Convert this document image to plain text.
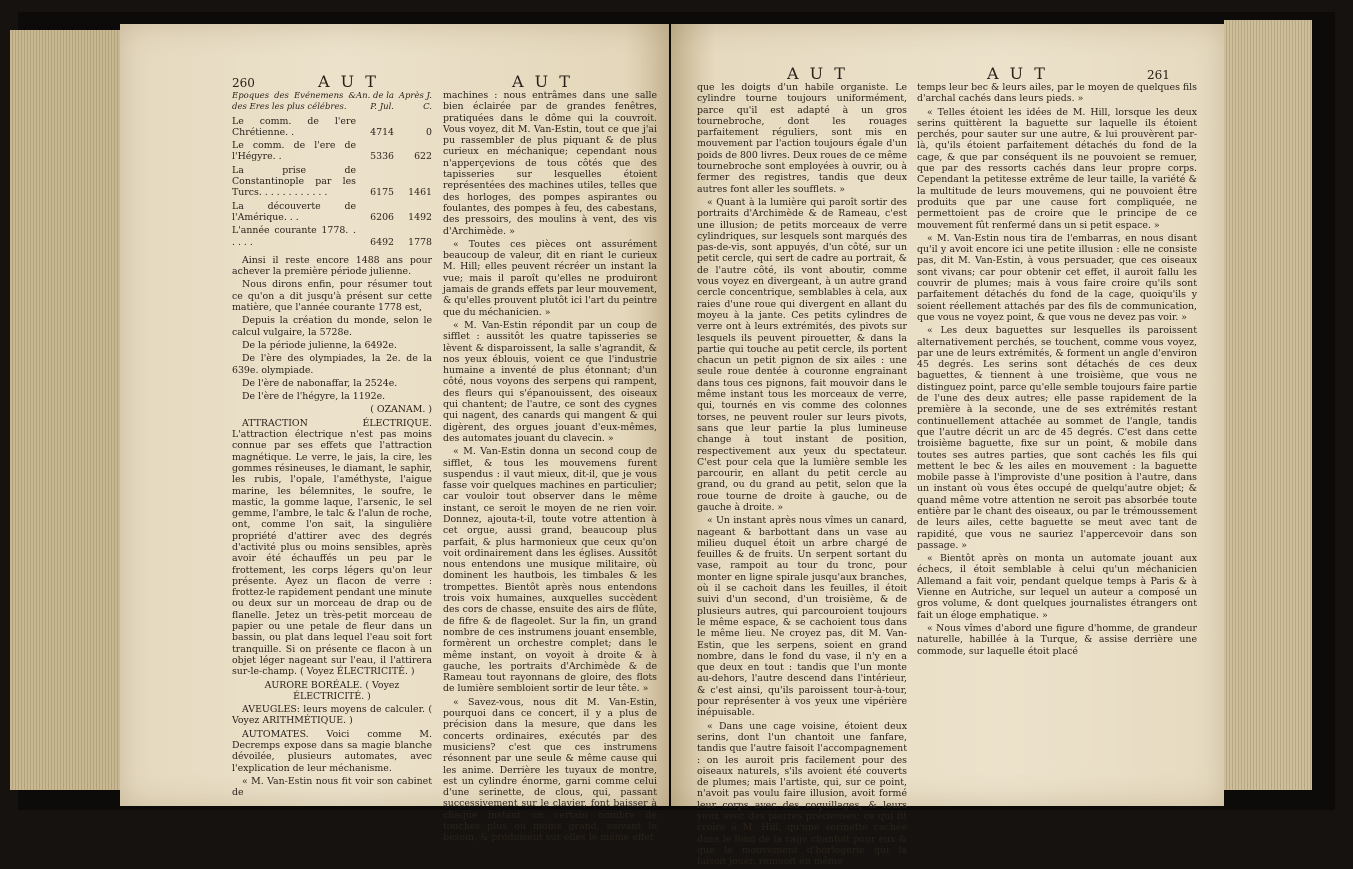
260	A U T	A U T
Epoques des Evénemens & des Eres les plus célébres.	An. de la P. Jul.	Après J. C.
Le comm. de l'ere Chrétienne. .	4714	0
Le comm. de l'ere de l'Hégyre. .	5336	622
La prise de Constantinople par les Turcs. . . . . . . . . . . .	6175	1461
La découverte de l'Amérique. . .	6206	1492
L'année courante 1778. . . . . .	6492	1778

Ainsi il reste encore 1488 ans pour achever la première période julienne.

Nous dirons enfin, pour résumer tout ce qu'on a dit jusqu'à présent sur cette matière, que l'année courante 1778 est,

Depuis la création du monde, selon le calcul vulgaire, la 5728e.

De la période julienne, la 6492e.

De l'ère des olympiades, la 2e. de la 639e. olympiade.

De l'ère de nabonaffar, la 2524e.

De l'ère de l'hégyre, la 1192e.

( OZANAM. )

ATTRACTION ÉLECTRIQUE. L'attraction électrique n'est pas moins connue par ses effets que l'attraction magnétique. Le verre, le jais, la cire, les gommes résineuses, le diamant, le saphir, les rubis, l'opale, l'améthyste, l'aigue marine, les bélemnites, le soufre, le mastic, la gomme laque, l'arsenic, le sel gemme, l'ambre, le talc & l'alun de roche, ont, comme l'on sait, la singulière propriété d'attirer avec des degrés d'activité plus ou moins sensibles, après avoir été échauffés un peu par le frottement, les corps légers qu'on leur présente. Ayez un flacon de verre : frottez-le rapidement pendant une minute ou deux sur un morceau de drap ou de flanelle. Jetez un très-petit morceau de papier ou une petale de fleur dans un bassin, ou plat dans lequel l'eau soit fort tranquille. Si on présente ce flacon à un objet léger nageant sur l'eau, il l'attirera sur-le-champ. ( Voyez ÉLECTRICITÉ. )

AURORE BORÉALE. ( Voyez ÉLECTRICITÉ. )

AVEUGLES: leurs moyens de calculer. ( Voyez ARITHMÉTIQUE. )

AUTOMATES. Voici comme M. Decremps expose dans sa magie blanche dévoilée, plusieurs automates, avec l'explication de leur méchanisme.

« M. Van-Estin nous fit voir son cabinet de

machines : nous entrâmes dans une salle bien éclairée par de grandes fenêtres, pratiquées dans le dôme qui la couvroit. Vous voyez, dit M. Van-Estin, tout ce que j'ai pu rassembler de plus piquant & de plus curieux en méchanique; cependant nous n'apperçevions de tous côtés que des tapisseries sur lesquelles étoient représentées des machines utiles, telles que des horloges, des pompes aspirantes ou foulantes, des pompes à feu, des cabestans, des pressoirs, des moulins à vent, des vis d'Archimède. »

« Toutes ces pièces ont assurément beaucoup de valeur, dit en riant le curieux M. Hill; elles peuvent récréer un instant la vue; mais il paroît qu'elles ne produiront jamais de grands effets par leur mouvement, & qu'elles prouvent plutôt ici l'art du peintre que du méchanicien. »

« M. Van-Estin répondit par un coup de sifflet : aussitôt les quatre tapisseries se lèvent & disparoissent, la salle s'agrandit, & nos yeux éblouis, voient ce que l'industrie humaine a inventé de plus étonnant; d'un côté, nous voyons des serpens qui rampent, des fleurs qui s'épanouissent, des oiseaux qui chantent; de l'autre, ce sont des cygnes qui nagent, des canards qui mangent & qui digèrent, des orgues jouant d'eux-mêmes, des automates jouant du clavecin. »

« M. Van-Estin donna un second coup de sifflet, & tous les mouvemens furent suspendus : il vaut mieux, dit-il, que je vous fasse voir quelques machines en particulier; car vouloir tout observer dans le même instant, ce seroit le moyen de ne rien voir. Donnez, ajouta-t-il, toute votre attention à cet orgue, aussi grand, beaucoup plus parfait, & plus harmonieux que ceux qu'on voit ordinairement dans les églises. Aussitôt nous entendons une musique militaire, où dominent les hautbois, les timbales & les trompettes. Bientôt après nous entendons trois voix humaines, auxquelles succèdent des cors de chasse, ensuite des airs de flûte, de fifre & de flageolet. Sur la fin, un grand nombre de ces instrumens jouant ensemble, formèrent un orchestre complet; dans le même instant, on voyoit à droite & à gauche, les portraits d'Archimède & de Rameau tout rayonnans de gloire, des flots de lumière sembloient sortir de leur tête. »

« Savez-vous, nous dit M. Van-Estin, pourquoi dans ce concert, il y a plus de précision dans la mesure, que dans les concerts ordinaires, exécutés par des musiciens? c'est que ces instrumens résonnent par une seule & même cause qui les anime. Derrière les tuyaux de montre, est un cylindre énorme, garni comme celui d'une serinette, de clous, qui, passant successivement sur le clavier, font baisser à chaque instant un certain nombre de touches plus ou moins grand, suivant le besoin, & produisent sur elles le même effet

A U T	A U T	261

que les doigts d'un habile organiste. Le cylindre tourne toujours uniformément, parce qu'il est adapté à un gros tournebroche, dont les rouages parfaitement réguliers, sont mis en mouvement par l'action toujours égale d'un poids de 800 livres. Deux roues de ce même tournebroche sont employées à ouvrir, ou à fermer des registres, tandis que deux autres font aller les soufflets. »

« Quant à la lumière qui paroît sortir des portraits d'Archimède & de Rameau, c'est une illusion; de petits morceaux de verre cylindriques, sur lesquels sont marqués des pas-de-vis, sont appuyés, d'un côté, sur un petit cercle, qui sert de cadre au portrait, & de l'autre côté, ils vont aboutir, comme vous voyez en divergeant, à un autre grand cercle concentrique, semblables à cela, aux raies d'une roue qui divergent en allant du moyeu à la jante. Ces petits cylindres de verre ont à leurs extrémités, des pivots sur lesquels ils peuvent pirouetter, & dans la partie qui touche au petit cercle, ils portent chacun un petit pignon de six ailes : une seule roue dentée à couronne engrainant dans tous ces pignons, fait mouvoir dans le même instant tous les morceaux de verre, qui, tournés en vis comme des colonnes torses, ne peuvent rouler sur leurs pivots, sans que leur partie la plus lumineuse change à tout instant de position, respectivement aux yeux du spectateur. C'est pour cela que la lumière semble les parcourir, en allant du petit cercle au grand, ou du grand au petit, selon que la roue tourne de droite à gauche, ou de gauche à droite. »

« Un instant après nous vîmes un canard, nageant & barbottant dans un vase au milieu duquel étoit un arbre chargé de feuilles & de fruits. Un serpent sortant du vase, rampoit au tour du tronc, pour monter en ligne spirale jusqu'aux branches, où il se cachoit dans les feuilles, il étoit suivi d'un second, d'un troisième, & de plusieurs autres, qui parcouroient toujours le même espace, & se cachoient tous dans le même lieu. Ne croyez pas, dit M. Van-Estin, que les serpens, soient en grand nombre, dans le fond du vase, il n'y en a que deux en tout : tandis que l'un monte au-dehors, l'autre descend dans l'intérieur, & c'est ainsi, qu'ils paroissent tour-à-tour, pour représenter à vos yeux une vipérière inépuisable.

« Dans une cage voisine, étoient deux serins, dont l'un chantoit une fanfare, tandis que l'autre faisoit l'accompagnement : on les auroit pris facilement pour des oiseaux naturels, s'ils avoient été couverts de plumes; mais l'artiste, qui, sur ce point, n'avoit pas voulu faire illusion, avoit formé leur corps avec des coquillages, & leurs yeux avec des pierres précieuses; ce qui fit croire à M. Hill, qu'une serinette cachée dans le fond de la cage chantoit pour eux & que le mouvement d'horlogerie qui la faisoit jouer, remuoit en même

temps leur bec & leurs ailes, par le moyen de quelques fils d'archal cachés dans leurs pieds. »

« Telles étoient les idées de M. Hill, lorsque les deux serins quittèrent la baguette sur laquelle ils étoient perchés, pour sauter sur une autre, & lui prouvèrent par-là, qu'ils étoient parfaitement détachés du fond de la cage, & que par conséquent ils ne pouvoient se remuer, que par des ressorts cachés dans leur propre corps. Cependant la petitesse extrême de leur taille, la variété & la multitude de leurs mouvemens, qui ne pouvoient être produits que par une cause fort compliquée, ne permettoient pas de croire que le principe de ce mouvement fût renfermé dans un si petit espace. »

« M. Van-Estin nous tira de l'embarras, en nous disant qu'il y avoit encore ici une petite illusion : elle ne consiste pas, dit M. Van-Estin, à vous persuader, que ces oiseaux sont vivans; car pour obtenir cet effet, il auroit fallu les couvrir de plumes; mais à vous faire croire qu'ils sont parfaitement détachés du fond de la cage, quoiqu'ils y soient réellement attachés par des fils de communication, que vous ne voyez point, & que vous ne devez pas voir. »

« Les deux baguettes sur lesquelles ils paroissent alternativement perchés, se touchent, comme vous voyez, par une de leurs extrémités, & forment un angle d'environ 45 degrés. Les serins sont détachés de ces deux baguettes, & tiennent à une troisième, que vous ne distinguez point, parce qu'elle semble toujours faire partie de l'une des deux autres; elle passe rapidement de la première à la seconde, une de ses extrémités restant continuellement attachée au sommet de l'angle, tandis que l'autre décrit un arc de 45 degrés. C'est dans cette troisième baguette, fixe sur un point, & mobile dans toutes ses autres parties, que sont cachés les fils qui mettent le bec & les ailes en mouvement : la baguette mobile passe à l'improviste d'une position à l'autre, dans un instant où vous êtes occupé de quelqu'autre objet; & quand même votre attention ne seroit pas absorbée toute entière par le chant des oiseaux, ou par le trémoussement de leurs ailes, cette baguette se meut avec tant de rapidité, que vous ne sauriez l'appercevoir dans son passage. »

« Bientôt après on monta un automate jouant aux échecs, il étoit semblable à celui qu'un méchanicien Allemand a fait voir, pendant quelque temps à Paris & à Vienne en Autriche, sur lequel un auteur a composé un gros volume, & dont quelques journalistes étrangers ont fait un éloge emphatique. »

« Nous vîmes d'abord une figure d'homme, de grandeur naturelle, habillée à la Turque, & assise derrière une commode, sur laquelle étoit placé
